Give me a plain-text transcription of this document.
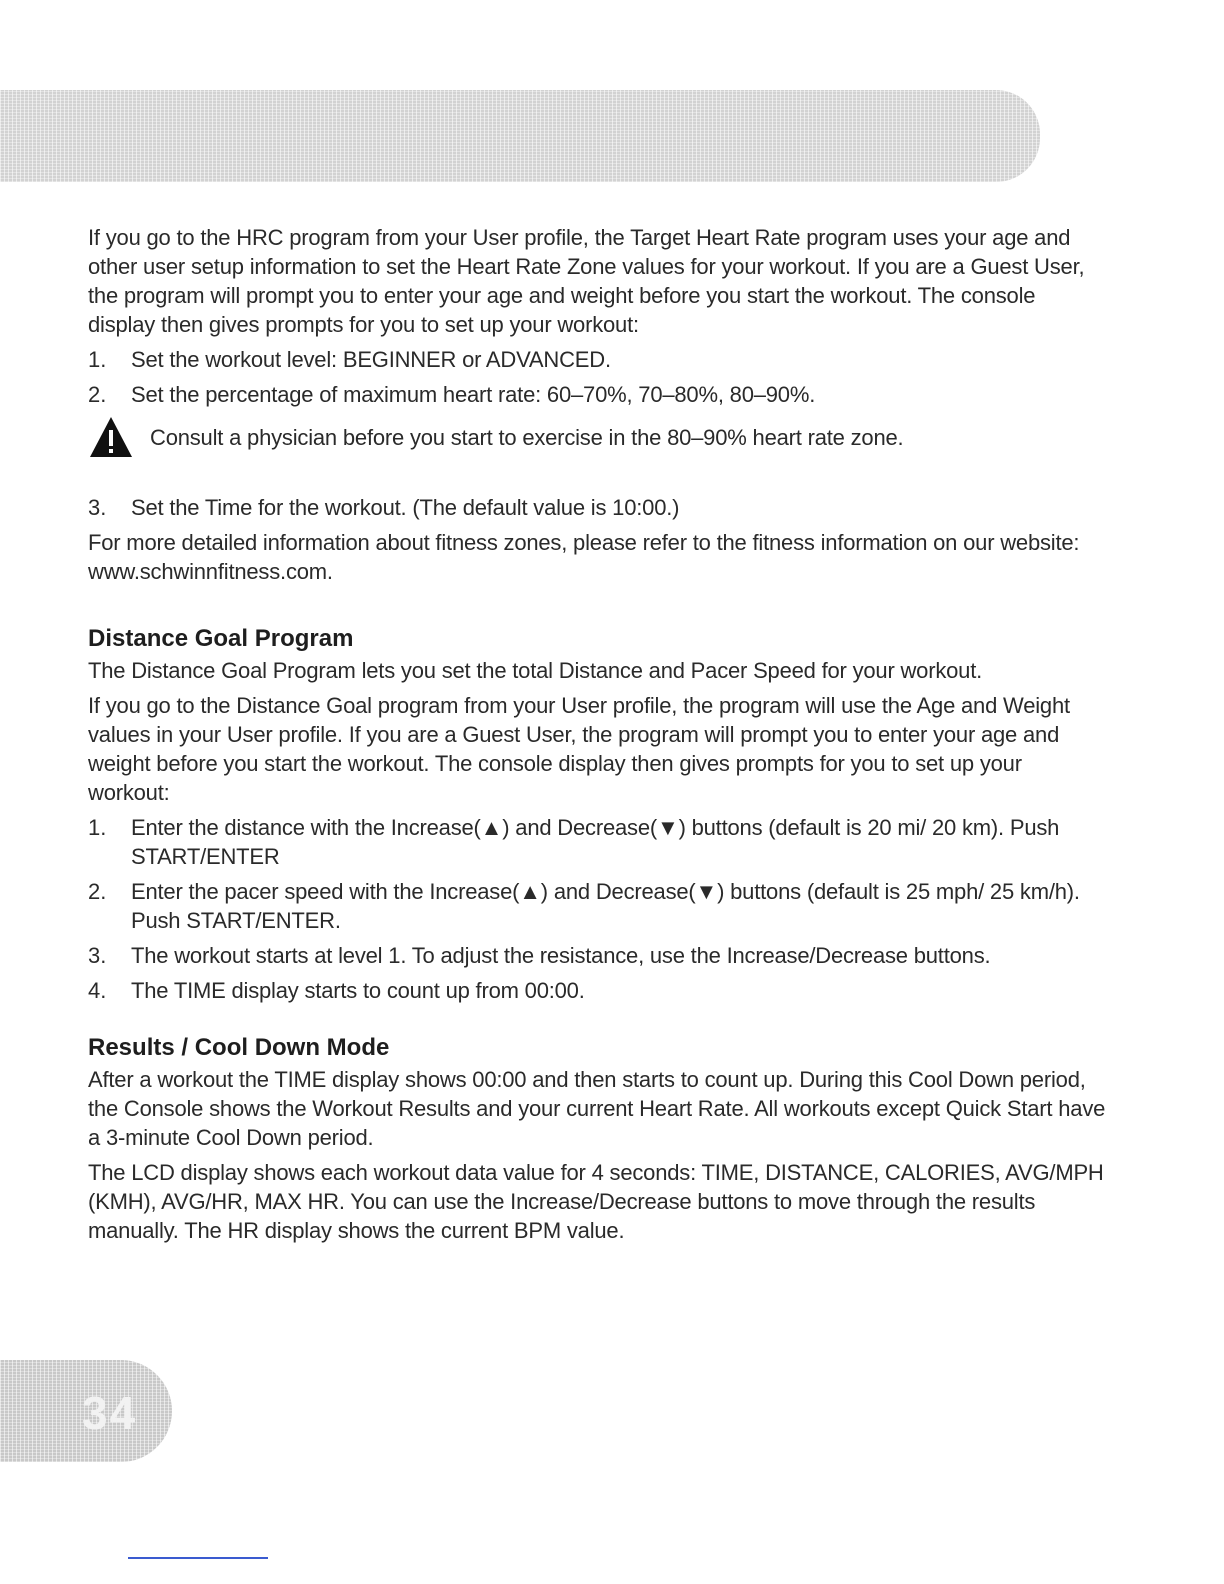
If you go to the HRC program from your User profile, the Target Heart Rate program uses your age and other user setup information to set the Heart Rate Zone values for your workout. If you are a Guest User, the program will prompt you to enter your age and weight before you start the workout. The console display then gives prompts for you to set up your workout:

1.	Set the workout level: BEGINNER or ADVANCED.
2.	Set the percentage of maximum heart rate: 60–70%, 70–80%, 80–90%.
Consult a physician before you start to exercise in the 80–90% heart rate zone.
3.	Set the Time for the workout. (The default value is 10:00.)

For more detailed information about fitness zones, please refer to the fitness information on our website: www.schwinnfitness.com.

Distance Goal Program

The Distance Goal Program lets you set the total Distance and Pacer Speed for your workout.

If you go to the Distance Goal program from your User profile, the program will use the Age and Weight values in your User profile. If you are a Guest User, the program will prompt you to enter your age and weight before you start the workout. The console display then gives prompts for you to set up your workout:

1.	Enter the distance with the Increase(▲) and Decrease(▼) buttons (default is 20 mi/ 20 km). Push START/ENTER
2.	Enter the pacer speed with the Increase(▲) and Decrease(▼) buttons (default is 25 mph/ 25 km/h). Push START/ENTER.
3.	The workout starts at level 1. To adjust the resistance, use the Increase/Decrease buttons.
4.	The TIME display starts to count up from 00:00.
Results / Cool Down Mode

After a workout the TIME display shows 00:00 and then starts to count up. During this Cool Down period, the Console shows the Workout Results and your current Heart Rate. All workouts except Quick Start have a 3-minute Cool Down period.

The LCD display shows each workout data value for 4 seconds: TIME, DISTANCE, CALORIES, AVG/MPH (KMH), AVG/HR, MAX HR. You can use the Increase/Decrease buttons to move through the results manually. The HR display shows the current BPM value.

34
